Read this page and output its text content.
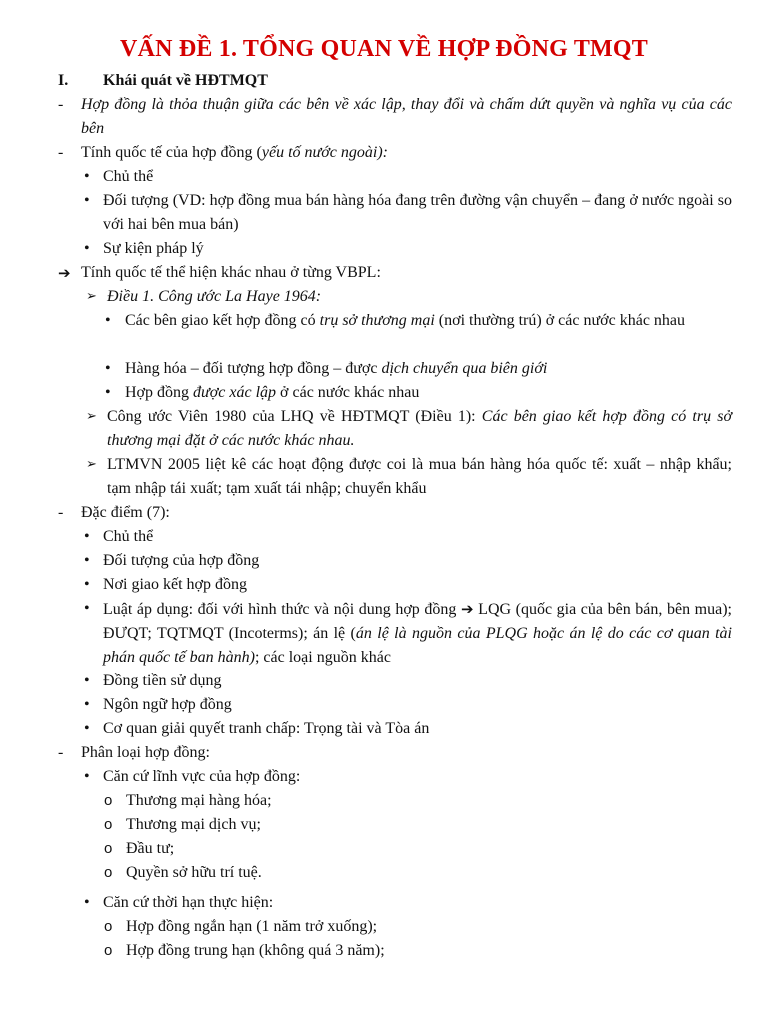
VẤN ĐỀ 1. TỔNG QUAN VỀ HỢP ĐỒNG TMQT
I. Khái quát về HĐTMQT
- Hợp đồng là thỏa thuận giữa các bên về xác lập, thay đổi và chấm dứt quyền và nghĩa vụ của các bên
- Tính quốc tế của hợp đồng (yếu tố nước ngoài):
• Chủ thể
• Đối tượng (VD: hợp đồng mua bán hàng hóa đang trên đường vận chuyển – đang ở nước ngoài so với hai bên mua bán)
• Sự kiện pháp lý
➔ Tính quốc tế thể hiện khác nhau ở từng VBPL:
➢ Điều 1. Công ước La Haye 1964:
• Các bên giao kết hợp đồng có trụ sở thương mại (nơi thường trú) ở các nước khác nhau
• Hàng hóa – đối tượng hợp đồng – được dịch chuyển qua biên giới
• Hợp đồng được xác lập ở các nước khác nhau
➢ Công ước Viên 1980 của LHQ về HĐTMQT (Điều 1): Các bên giao kết hợp đồng có trụ sở thương mại đặt ở các nước khác nhau.
➢ LTMVN 2005 liệt kê các hoạt động được coi là mua bán hàng hóa quốc tế: xuất – nhập khẩu; tạm nhập tái xuất; tạm xuất tái nhập; chuyển khẩu
- Đặc điểm (7):
• Chủ thể
• Đối tượng của hợp đồng
• Nơi giao kết hợp đồng
• Luật áp dụng: đối với hình thức và nội dung hợp đồng ➔ LQG (quốc gia của bên bán, bên mua); ĐƯQT; TQTMQT (Incoterms); án lệ (án lệ là nguồn của PLQG hoặc án lệ do các cơ quan tài phán quốc tế ban hành); các loại nguồn khác
• Đồng tiền sử dụng
• Ngôn ngữ hợp đồng
• Cơ quan giải quyết tranh chấp: Trọng tài và Tòa án
- Phân loại hợp đồng:
• Căn cứ lĩnh vực của hợp đồng:
o Thương mại hàng hóa;
o Thương mại dịch vụ;
o Đầu tư;
o Quyền sở hữu trí tuệ.
• Căn cứ thời hạn thực hiện:
o Hợp đồng ngắn hạn (1 năm trở xuống);
o Hợp đồng trung hạn (không quá 3 năm);
